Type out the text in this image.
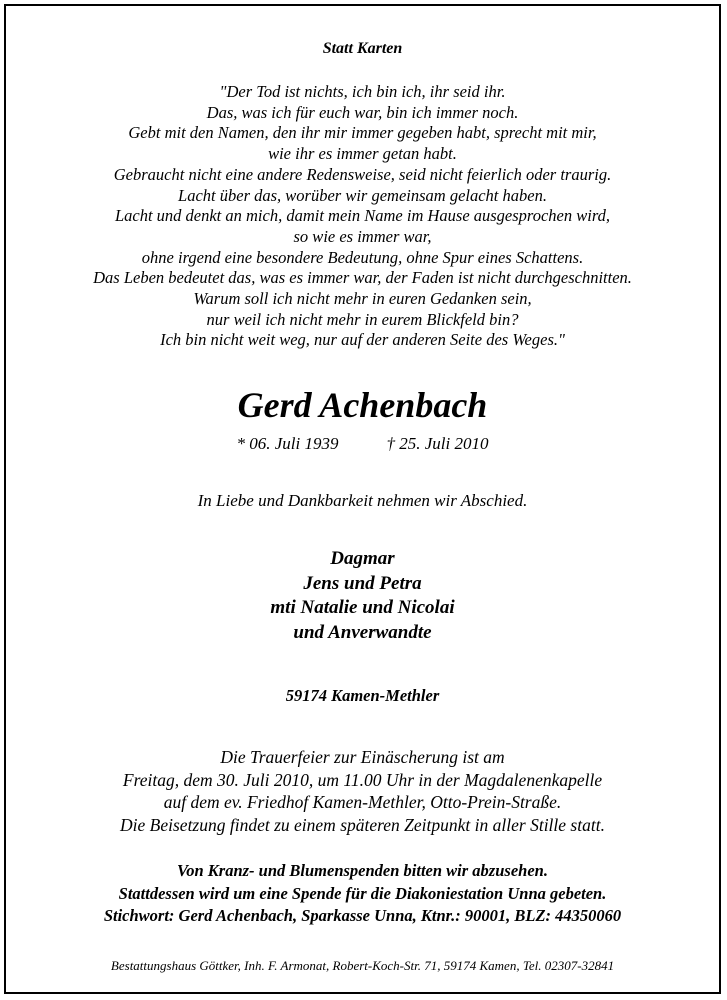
Statt Karten
"Der Tod ist nichts, ich bin ich, ihr seid ihr.
Das, was ich für euch war, bin ich immer noch.
Gebt mit den Namen, den ihr mir immer gegeben habt, sprecht mit mir,
wie ihr es immer getan habt.
Gebraucht nicht eine andere Redensweise, seid nicht feierlich oder traurig.
Lacht über das, worüber wir gemeinsam gelacht haben.
Lacht und denkt an mich, damit mein Name im Hause ausgesprochen wird,
so wie es immer war,
ohne irgend eine besondere Bedeutung, ohne Spur eines Schattens.
Das Leben bedeutet das, was es immer war, der Faden ist nicht durchgeschnitten.
Warum soll ich nicht mehr in euren Gedanken sein,
nur weil ich nicht mehr in eurem Blickfeld bin?
Ich bin nicht weit weg, nur auf der anderen Seite des Weges."
Gerd Achenbach
* 06. Juli 1939	† 25. Juli 2010
In Liebe und Dankbarkeit nehmen wir Abschied.
Dagmar
Jens und Petra
mti Natalie und Nicolai
und Anverwandte
59174 Kamen-Methler
Die Trauerfeier zur Einäscherung ist am
Freitag, dem 30. Juli 2010, um 11.00 Uhr in der Magdalenenkapelle
auf dem ev. Friedhof Kamen-Methler, Otto-Prein-Straße.
Die Beisetzung findet zu einem späteren Zeitpunkt in aller Stille statt.
Von Kranz- und Blumenspenden bitten wir abzusehen.
Stattdessen wird um eine Spende für die Diakoniestation Unna gebeten.
Stichwort: Gerd Achenbach, Sparkasse Unna, Ktnr.: 90001, BLZ: 44350060
Bestattungshaus Göttker, Inh. F. Armonat, Robert-Koch-Str. 71, 59174 Kamen, Tel. 02307-32841
